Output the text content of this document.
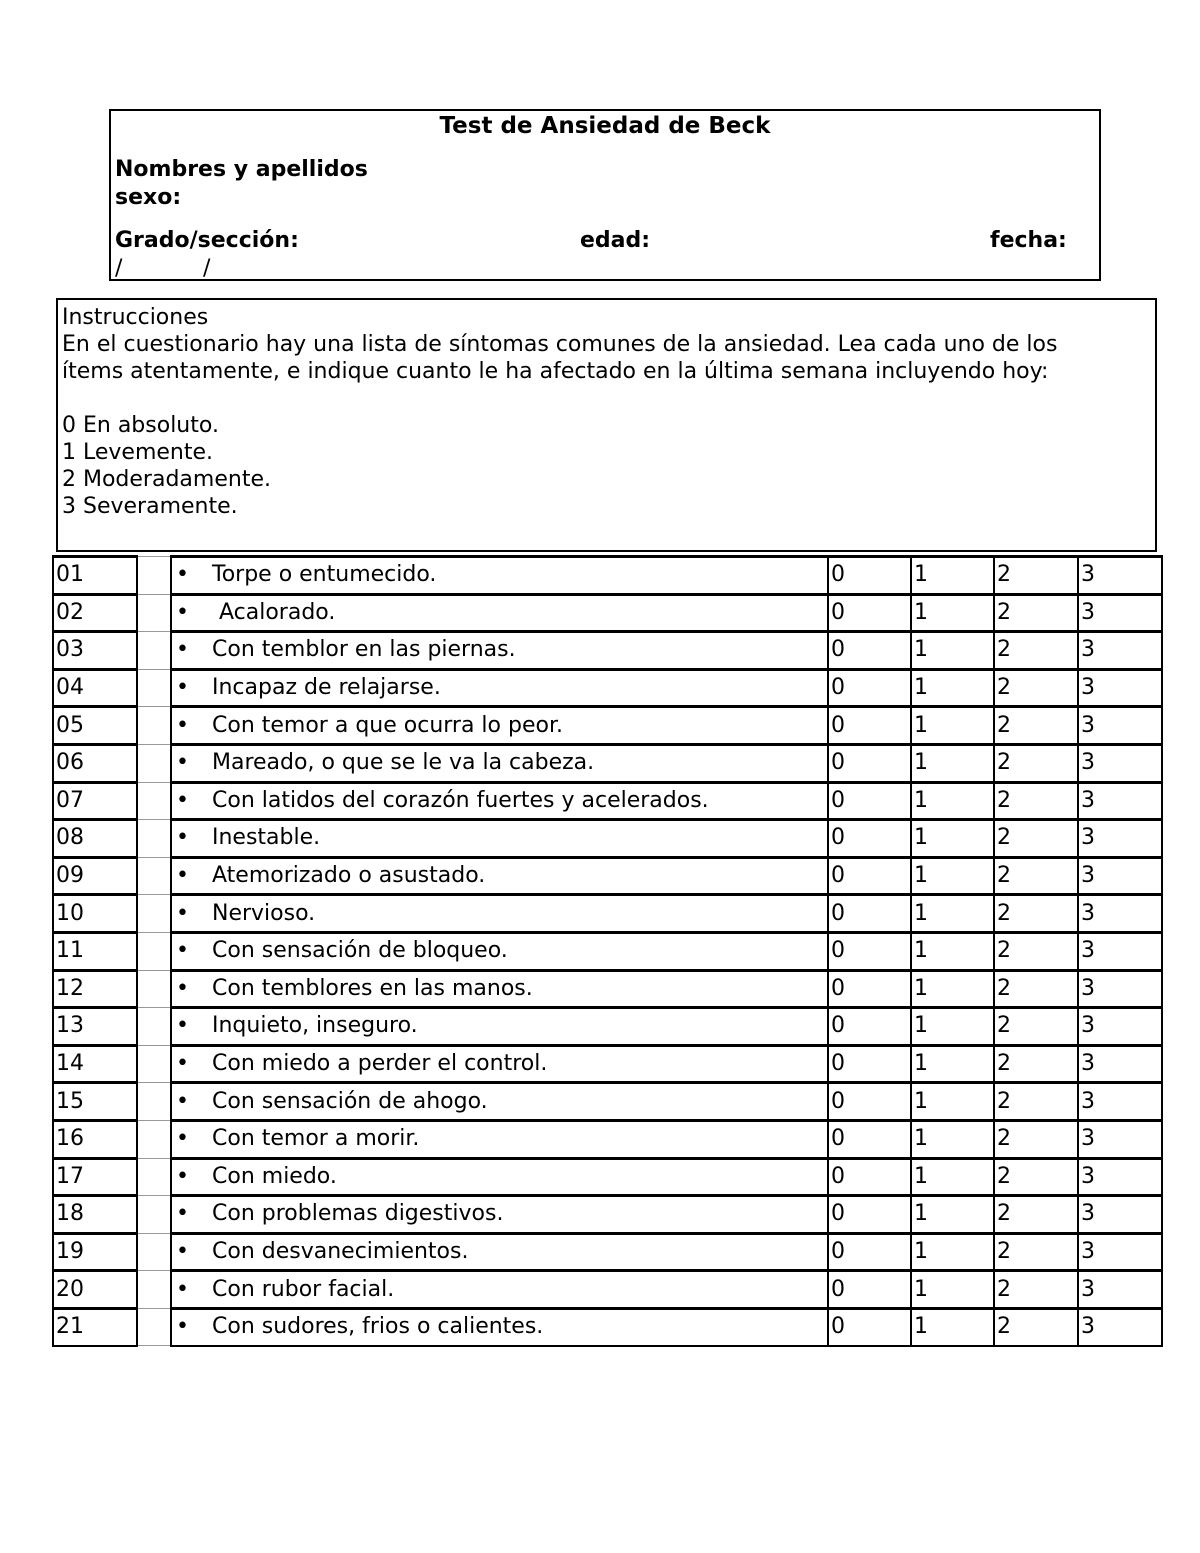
Test de Ansiedad de Beck
Nombres y apellidos
sexo:
Grado/sección:	edad:	fecha:
/	/
Instrucciones
En el cuestionario hay una lista de síntomas comunes de la ansiedad. Lea cada uno de los
ítems atentamente, e indique cuanto le ha afectado en la última semana incluyendo hoy:
0 En absoluto.
1 Levemente.
2 Moderadamente.
3 Severamente.
01		• Torpe o entumecido.	0	1	2	3
02		• Acalorado.	0	1	2	3
03		• Con temblor en las piernas.	0	1	2	3
04		• Incapaz de relajarse.	0	1	2	3
05		• Con temor a que ocurra lo peor.	0	1	2	3
06		• Mareado, o que se le va la cabeza.	0	1	2	3
07		• Con latidos del corazón fuertes y acelerados.	0	1	2	3
08		• Inestable.	0	1	2	3
09		• Atemorizado o asustado.	0	1	2	3
10		• Nervioso.	0	1	2	3
11		• Con sensación de bloqueo.	0	1	2	3
12		• Con temblores en las manos.	0	1	2	3
13		• Inquieto, inseguro.	0	1	2	3
14		• Con miedo a perder el control.	0	1	2	3
15		• Con sensación de ahogo.	0	1	2	3
16		• Con temor a morir.	0	1	2	3
17		• Con miedo.	0	1	2	3
18		• Con problemas digestivos.	0	1	2	3
19		• Con desvanecimientos.	0	1	2	3
20		• Con rubor facial.	0	1	2	3
21		• Con sudores, frios o calientes.	0	1	2	3
